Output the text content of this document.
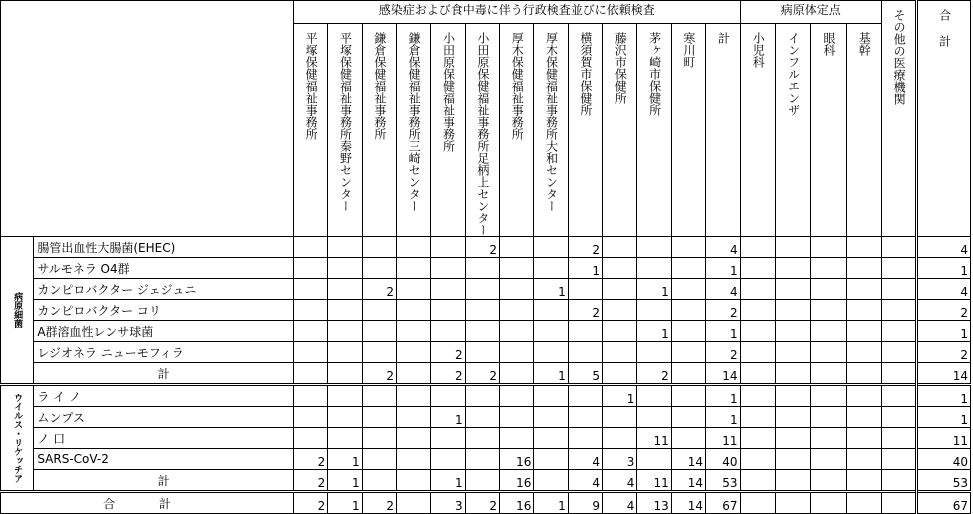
		感染症および食中毒に伴う行政検査並びに依頼検査													病原体定点				その他の医療機関	合計

		平塚保健福祉事務所	平塚保健福祉事務所秦野センター	鎌倉保健福祉事務所	鎌倉保健福祉事務所三崎センター	小田原保健福祉事務所	小田原保健福祉事務所足柄上センター	厚木保健福祉事務所	厚木保健福祉事務所大和センター	横須賀市保健所	藤沢市保健所	茅ヶ崎市保健所	寒川町	計	小児科	インフルエンザ	眼科	基幹		

病原細菌	腸管出血性大腸菌(EHEC)						2			2				4						4
	サルモネラ O4群									1				1						1
	カンピロバクター ジェジュニ			2					1			1		4						4
	カンピロバクター コリ									2				2						2
	A群溶血性レンサ球菌											1		1						1
	レジオネラ ニューモフィラ					2								2						2
	計			2		2	2		1	5		2		14						14

ウイルス・リケッチア	ラ イ ノ										1			1						1
	ムンプス					1								1						1
	ノ 口											11		11						11
	SARS-CoV-2	2	1					16		4	3		14	40						40
	計	2	1			1		16		4	4	11	14	53						53
合 計		2	1	2		3	2	16	1	9	4	13	14	67						67
